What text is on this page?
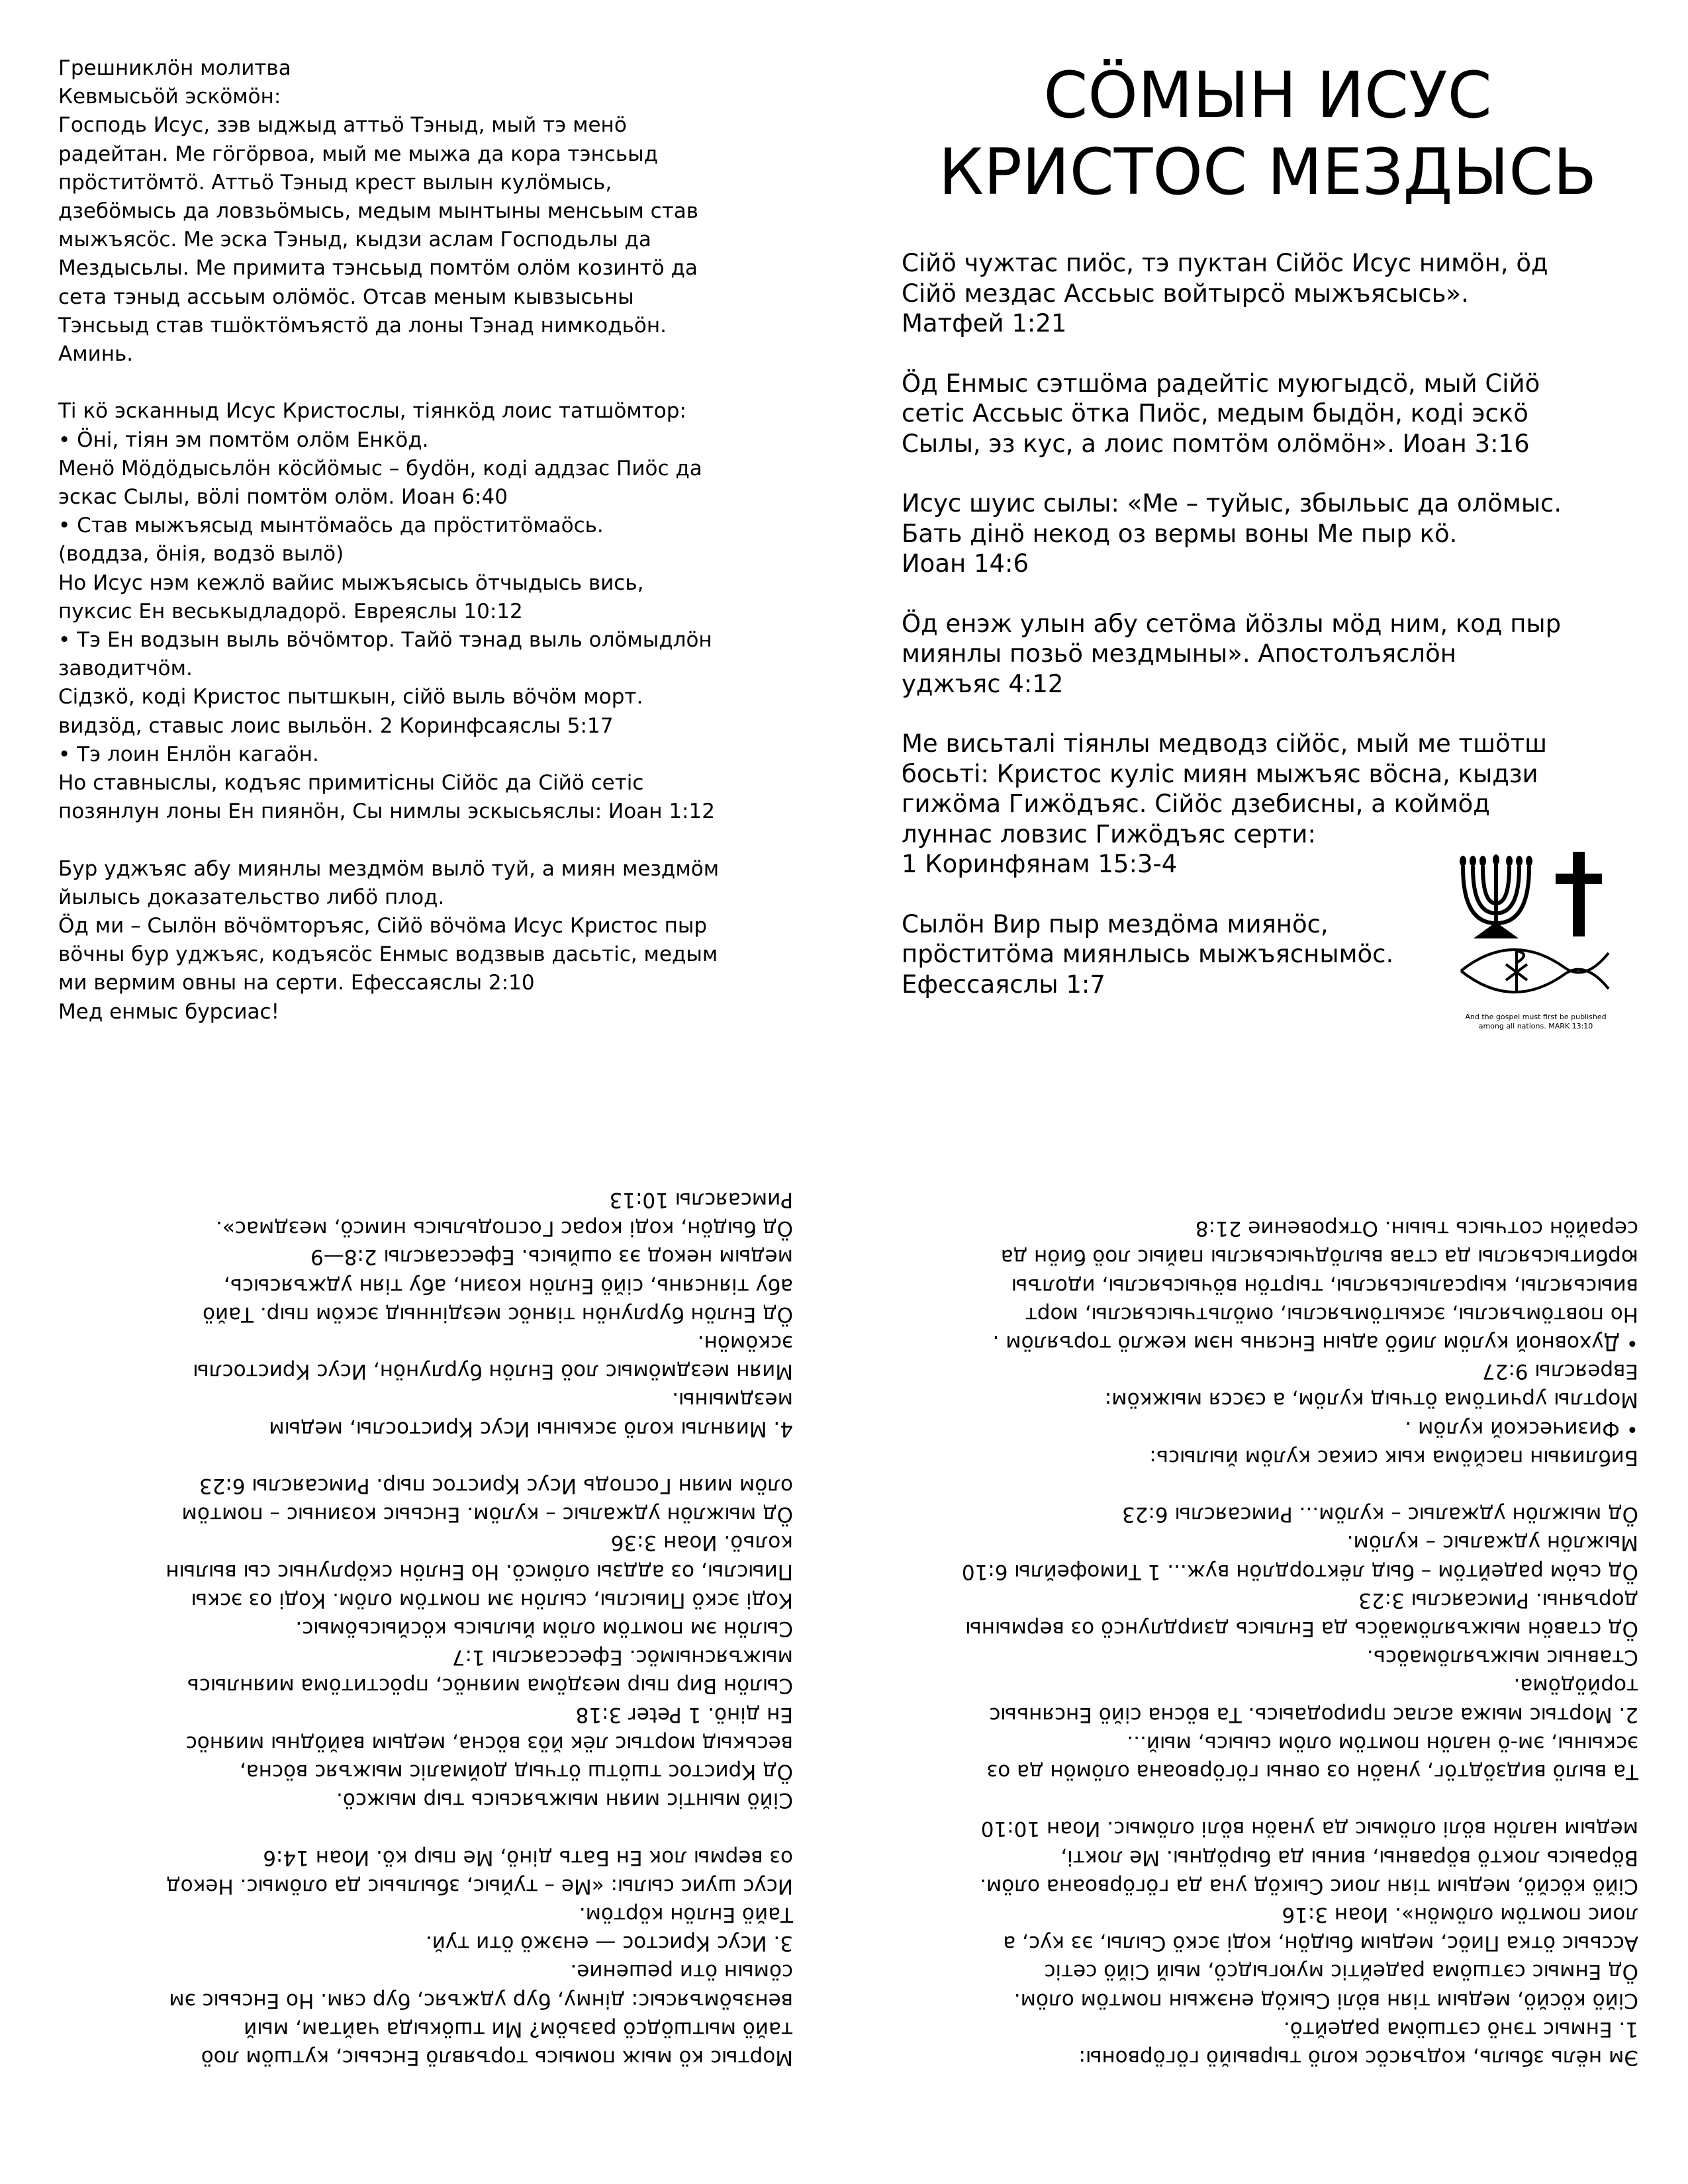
Грешниклӧн молитва
Кевмысьӧй эскӧмӧн:
Господь Исус, зэв ыджыд аттьӧ Тэныд, мый тэ менӧ
радейтан. Ме гӧгӧрвоа, мый ме мыжа да кора тэнсьыд
прӧститӧмтӧ. Аттьӧ Тэныд крест вылын кулӧмысь,
дзебӧмысь да ловзьӧмысь, медым мынтыны менсьым став
мыжъясӧс. Ме эска Тэныд, кыдзи аслам Господьлы да
Мездысьлы. Ме примита тэнсьыд помтӧм олӧм козинтӧ да
сета тэныд ассьым олӧмӧс. Отсав меным кывзысьны
Тэнсьыд став тшӧктӧмъястӧ да лоны Тэнад нимкодьӧн.
Аминь.
Ті кӧ эсканныд Исус Кристослы, тіянкӧд лоис татшӧмтор:
• Ӧні, тіян эм помтӧм олӧм Енкӧд.
Менӧ Мӧдӧдысьлӧн кӧсйӧмыс – бydӧн, кодi аддзас Пиӧс да
эскас Сылы, вӧлі помтӧм олӧм. Иоан 6:40
• Став мыжъясыд мынтӧмаӧсь да прӧститӧмаӧсь.
(воддза, ӧнія, водзӧ вылӧ)
Но Исус нэм кежлӧ вайис мыжъясысь ӧтчыдысь вись,
пуксис Ен веськыдладорӧ. Евреяслы 10:12
• Тэ Ен водзын выль вӧчӧмтор. Тайӧ тэнад выль олӧмыдлӧн
заводитчӧм.
Сiдзкӧ, кодi Кристос пытшкын, сiйӧ выль вӧчӧм морт.
видзӧд, ставыс лоис выльӧн. 2 Коринфсаяслы 5:17
• Тэ лоин Енлӧн кагаӧн.
Но ставныслы, кодъяс примитiсны Сiйӧс да Сiйӧ сетiс
позянлун лоны Ен пиянӧн, Сы нимлы эскысьяслы: Иоан 1:12
Бур уджъяс абу миянлы мездмӧм вылӧ туй, а миян мездмӧм
йылысь доказательство либӧ плод.
Ӧд ми – Сылӧн вӧчӧмторъяс, Сiйӧ вӧчӧма Исус Кристос пыр
вӧчны бур уджъяс, кодъясӧс Енмыс водзвыв дасьтiс, медым
ми вермим овны на серти. Ефессаяслы 2:10
Мед енмыс бурсиас!
СӦМЫН ИСУС
КРИСТОС МЕЗДЫСЬ
Сiйӧ чужтас пиӧс, тэ пуктан Сiйӧс Исус нимӧн, ӧд
Сiйӧ мездас Ассьыс войтырсӧ мыжъясысь».
Матфей 1:21
Ӧд Енмыс сэтшӧма радейтiс муюгыдсӧ, мый Сiйӧ
сетiс Ассьыс ӧтка Пиӧс, медым быдӧн, кодi эскӧ
Сылы, эз кус, а лоис помтӧм олӧмӧн». Иоан 3:16
Исус шуис сылы: «Ме – туйыс, збыльыс да олӧмыс.
Бать дiнӧ некод оз вермы воны Ме пыр кӧ.
Иоан 14:6
Ӧд енэж улын абу сетӧма йӧзлы мӧд ним, код пыр
миянлы позьӧ мездмыны». Апостолъяслӧн
уджъяс 4:12
Ме висьталi тiянлы медводз сiйӧс, мый ме тшӧтш
босьтi: Кристос кулiс миян мыжъяс вӧсна, кыдзи
гижӧма Гижӧдъяс. Сiйӧс дзебисны, а коймӧд
луннас ловзис Гижӧдъяс серти:
1 Коринфянам 15:3-4
Сылӧн Вир пыр мездӧма миянӧс,
прӧститӧма миянлысь мыжъяснымӧс.
Ефессаяслы 1:7
And the gospel must first be published
among all nations. MARK 13:10
Мортыс кӧ мыж помысь торъявлӧ Енсьыс, кутшӧм лоӧ
тайӧ мытшӧдсӧ разьӧм? Ми тшӧкыда чайтам, мый
вензьӧмъясыс: дiнму, бур уджъяс, бур сям. Но Енсьыс эм
сӧмын ӧти решение.
3. Исус Кристос — енэжӧ ӧти туй.
Тайӧ Енлӧн кӧртӧм.
Исус шуис сылы: «Ме – туйыс, збыльыс да олӧмыс. Некод
оз вермы лок Ен Бать дiнӧ, Ме пыр кӧ. Иоан 14:6
Сiйӧ мынтiс миян мыжъясысь тыр мыжсӧ.
Ӧд Кристос тшӧтш ӧтчыд доймалiс мыжъяс вӧсна,
веськыд мортыс лёк йӧз вӧсна, медым вайӧдны миянӧс
Ен дiнӧ. 1 Peter 3:18
Сылӧн Вир пыр мездӧма миянӧс, прӧститӧма миянлысь
мыжъяснымӧс. Ефессаяслы 1:7
Сылӧн эм помтӧм олӧм йылысь кӧсйысьӧмыс.
Кодi эскӧ Пиыслы, сылӧн эм помтӧм олӧм. Кодi оз эскы
Пиыслы, оз аддзы олӧмсӧ. Но Енлӧн скӧрлуныс сы вылын
кольӧ. Иоан 3:36
Ӧд мыжлӧн уджалыс – кулӧм. Енсьыс козиныс – помтӧм
олӧм миян Господь Исус Кристос пыр. Римсаяслы 6:23
4. Миянлы колӧ эскыны Исус Кристослы, медым
мездмыны.
Миян мездмӧмыс лоӧ Енлӧн бурлунӧн, Исус Кристослы
эскӧмӧн.
Ӧд Енлӧн бурлунӧн тiянӧс мездiнныд эскӧм пыр. Тайӧ
абу тiянсянь, сiйӧ Енлӧн козин, абу тiян уджъясысь,
медым некод эз ошйысь. Ефессаяслы 2:8—9
Ӧд быдӧн, кодi корас Господьлысь нимсӧ, мездмас».
Римсаяслы 10:13
Эм нёль збыль, кодъясӧс колӧ тырвыйӧ гӧгӧрвоны:
1. Енмыс тэнӧ сэтшӧма радейтӧ.
Сiйӧ кӧсйӧ, медым тiян вӧлi Сыкӧд енэжын помтӧм олӧм.
Ӧд Енмыс сэтшӧма радейтiс муюгыдсӧ, мый Сiйӧ сетiс
Ассьыс ӧтка Пиӧс, медым быдӧн, кодi эскӧ Сылы, эз кус, а
лоис помтӧм олӧмӧн». Иоан 3:16
Сiйӧ кӧсйӧ, медым тiян лоис Сыкӧд уна да гӧгӧрвоана олӧм.
Вӧраысь локтӧ вӧравны, вины да бырӧдны. Ме локтi,
медым налӧн вӧлi олӧмыс да унаӧн вӧлi олӧмыс. Иоан 10:10
Та вылӧ видзӧдтӧг, унаӧн оз овны гӧгӧрвоана олӧмӧн да оз
эскыны, эм-ӧ налӧн помтӧм олӧм сыысь, мый...
2. Мортыс мыжа аслас природаысь. Та вӧсна сiйӧ Енсяньыс
торйӧдӧма.
Ставныс мыжъялӧмаӧсь.
Ӧд ставӧн мыжъялӧмаӧсь да Енлысь дзирдлунсӧ оз вермыны
доръяны. Римсаяслы 3:23
Ӧд сьӧм радейтӧм – быд лёктордлӧн вуж... 1 Тимофейлы 6:10
Мыжлӧн уджалыс – кулӧм.
Ӧд мыжлӧн уджалыс – кулӧм... Римсаяслы 6:23
Библияын пасйӧма кык сикас кулӧм йылысь:
• Физической кулӧм .
Мортлы урчитӧма ӧтчыд кулӧм, а сэсся мыжкӧм:
Евреяслы 9:27
• Духовной кулӧм либӧ адын Енсянь нэм кежлӧ торъялӧм .
Но повтӧмъяслы, эскытӧмъяслы, омӧльтчысьяслы, морт
виысьяслы, кырсалысьяслы, тыртӧн вӧчысьяслы, идолъы
юрбитысьяслы да став вылӧдчысьяслы пайыс лоӧ биӧн да
серайӧн сотчысь тыын. Откровение 21:8
